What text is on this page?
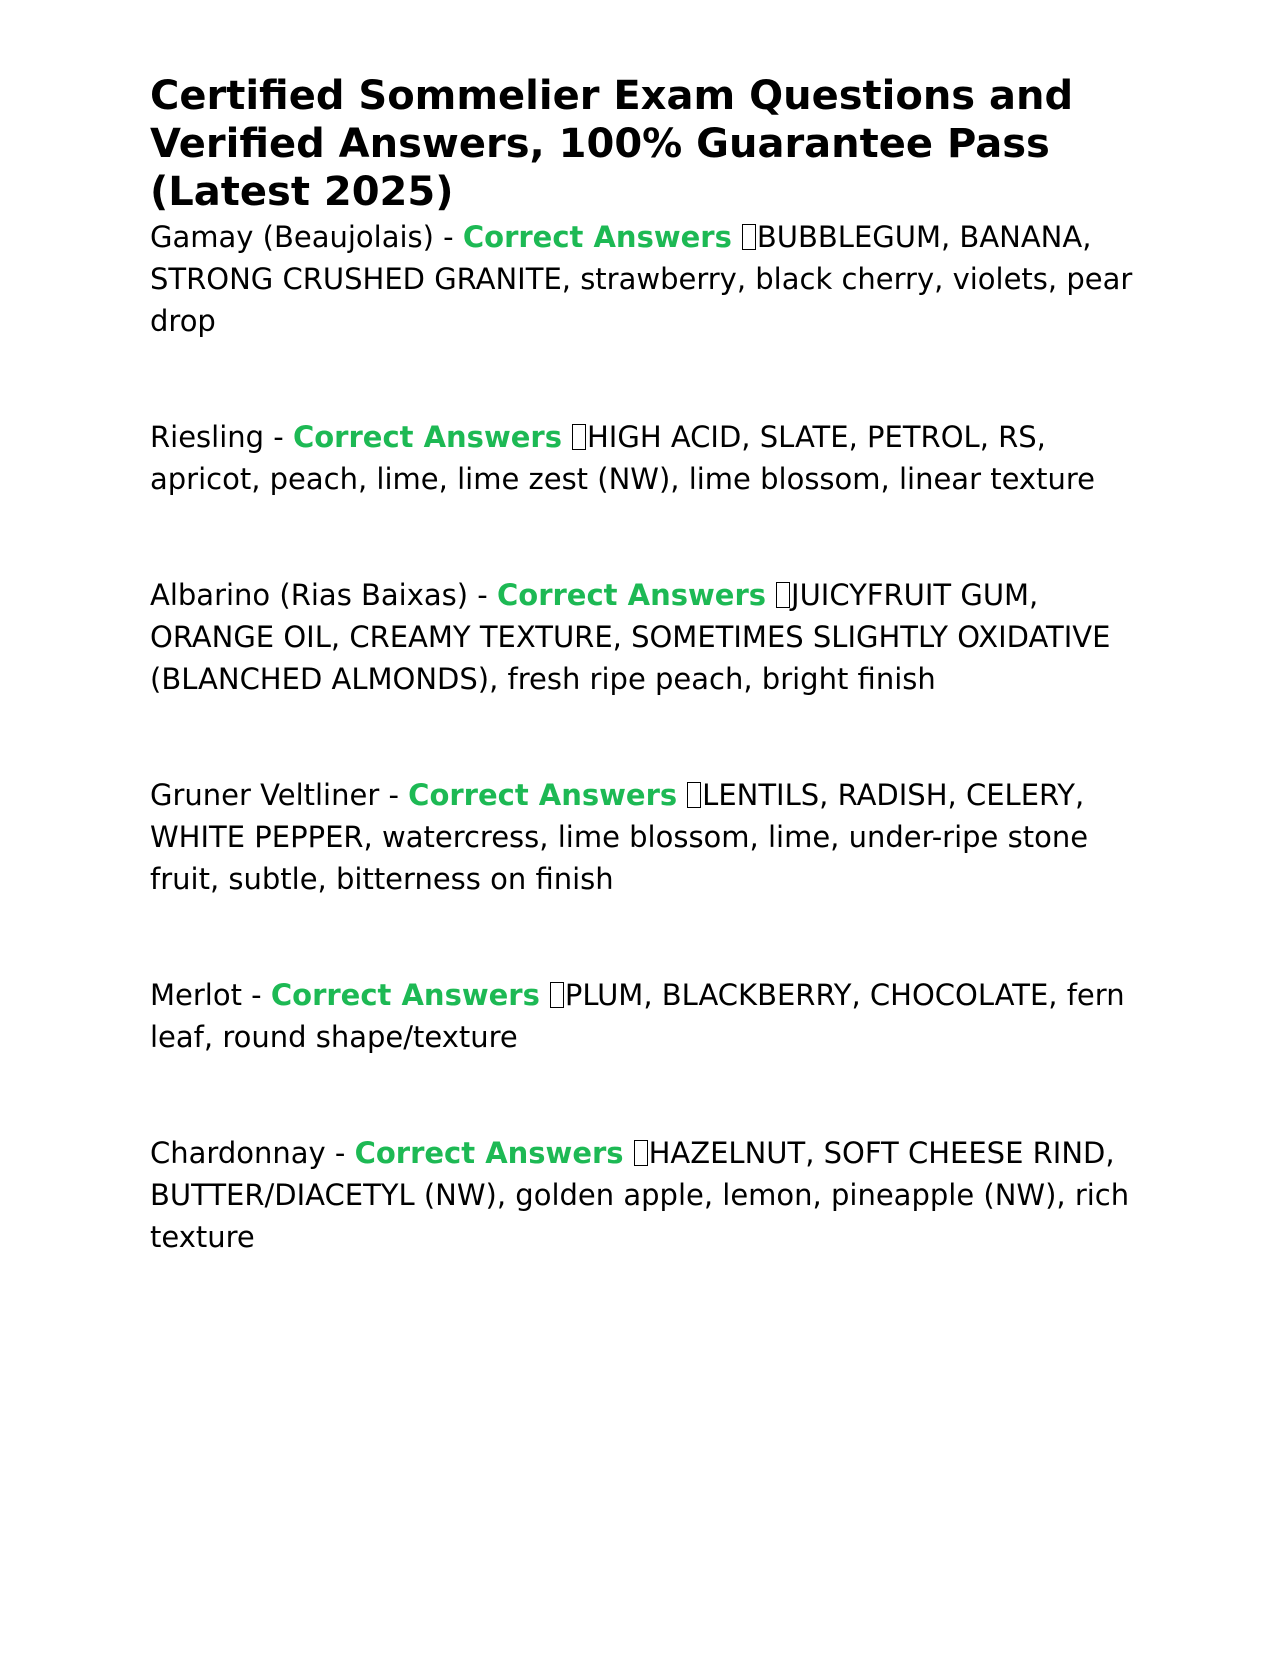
Certified Sommelier Exam Questions and Verified Answers, 100% Guarantee Pass (Latest 2025)

Gamay (Beaujolais) - Correct Answers BUBBLEGUM, BANANA, STRONG CRUSHED GRANITE, strawberry, black cherry, violets, pear drop

Riesling - Correct Answers HIGH ACID, SLATE, PETROL, RS, apricot, peach, lime, lime zest (NW), lime blossom, linear texture

Albarino (Rias Baixas) - Correct Answers JUICYFRUIT GUM, ORANGE OIL, CREAMY TEXTURE, SOMETIMES SLIGHTLY OXIDATIVE (BLANCHED ALMONDS), fresh ripe peach, bright finish

Gruner Veltliner - Correct Answers LENTILS, RADISH, CELERY, WHITE PEPPER, watercress, lime blossom, lime, under-ripe stone fruit, subtle, bitterness on finish

Merlot - Correct Answers PLUM, BLACKBERRY, CHOCOLATE, fern leaf, round shape/texture

Chardonnay - Correct Answers HAZELNUT, SOFT CHEESE RIND, BUTTER/DIACETYL (NW), golden apple, lemon, pineapple (NW), rich texture
